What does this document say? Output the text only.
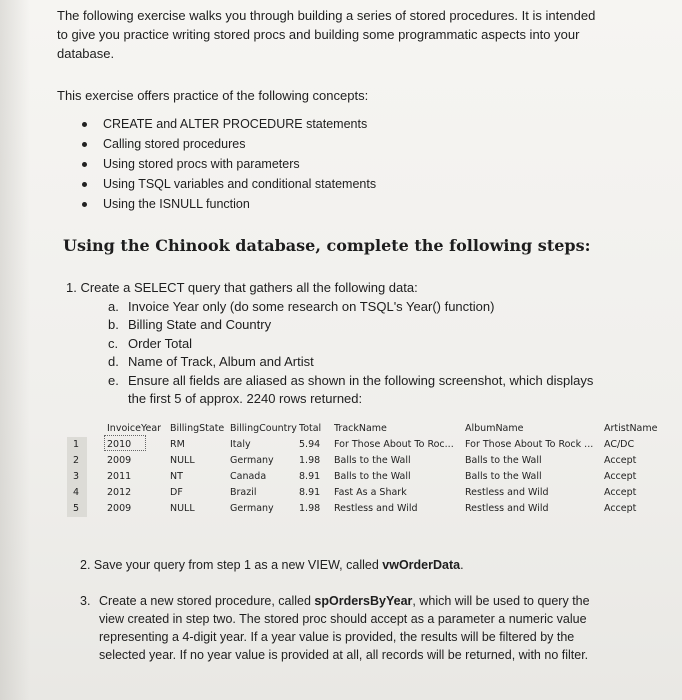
The following exercise walks you through building a series of stored procedures. It is intended

to give you practice writing stored procs and building some programmatic aspects into your

database.

This exercise offers practice of the following concepts:
CREATE and ALTER PROCEDURE statements
Calling stored procedures
Using stored procs with parameters
Using TSQL variables and conditional statements
Using the ISNULL function
Using the Chinook database, complete the following steps:
1. Create a SELECT query that gathers all the following data:
a. Invoice Year only (do some research on TSQL's Year() function)
b. Billing State and Country
c. Order Total
d. Name of Track, Album and Artist
e. Ensure all fields are aliased as shown in the following screenshot, which displays the first 5 of approx. 2240 rows returned:
1
2
3
4
5
InvoiceYear
2010
2009
2011
2012
2009
BillingState
RM
NULL
NT
DF
NULL
BillingCountry
Italy
Germany
Canada
Brazil
Germany
Total
5.94
1.98
8.91
8.91
1.98
TrackName
For Those About To Roc...
Balls to the Wall
Balls to the Wall
Fast As a Shark
Restless and Wild
AlbumName
For Those About To Rock ...
Balls to the Wall
Balls to the Wall
Restless and Wild
Restless and Wild
ArtistName
AC/DC
Accept
Accept
Accept
Accept
2. Save your query from step 1 as a new VIEW, called vwOrderData.
3. Create a new stored procedure, called spOrdersByYear, which will be used to query the view created in step two. The stored proc should accept as a parameter a numeric value representing a 4-digit year. If a year value is provided, the results will be filtered by the selected year. If no year value is provided at all, all records will be returned, with no filter.
